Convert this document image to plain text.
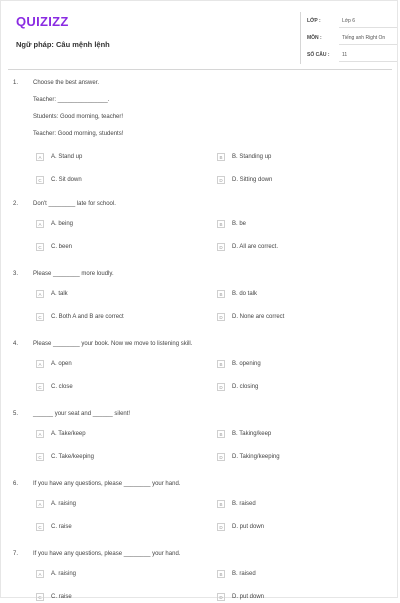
QUIZIZZ
Ngữ pháp: Câu mệnh lệnh
LỚP :	Lớp 6
MÔN :	Tiếng anh Right On
SỐ CÂU :	11
1. Choose the best answer.
Teacher: _______________.
Students: Good morning, teacher!
Teacher: Good morning, students!
A	A. Stand up	B	B. Standing up
C	C. Sit down	D	D. Sitting down
2. Don't ________ late for school.
A	A. being	B	B. be
C	C. been	D	D. All are correct.
3. Please ________ more loudly.
A	A. talk	B	B. do talk
C	C. Both A and B are correct	D	D. None are correct
4. Please ________ your book. Now we move to listening skill.
A	A. open	B	B. opening
C	C. close	D	D. closing
5. ______ your seat and ______ silent!
A	A. Take/keep	B	B. Taking/keep
C	C. Take/keeping	D	D. Taking/keeping
6. If you have any questions, please ________ your hand.
A	A. raising	B	B. raised
C	C. raise	D	D. put down
7. If you have any questions, please ________ your hand.
A	A. raising	B	B. raised
C	C. raise	D	D. put down
